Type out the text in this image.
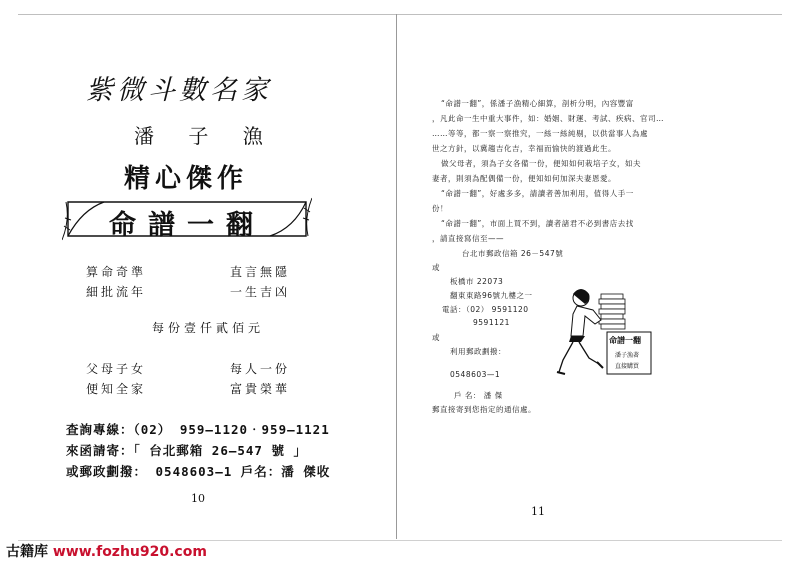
紫微斗數名家
潘 子 漁
精心傑作
命譜一翻
算命奇準	直言無隱
細批流年	一生吉凶
每份壹仟貳佰元
父母子女	每人一份
便知全家	富貴榮華
查詢專線：（02） 959—1120‧959—1121
來函請寄：「 台北郵箱 26—547 號 」
或郵政劃撥： 0548603—1 戶名：潘 傑收
10
“命譜一翻”，係潘子漁精心細算，剖析分明，內容豐富
，凡此命一生中重大事件，如：婚姻、財運、考試、疾病、官司…
……等等，都一察一察推究，一絲一絲純剔，以供當事人為處
世之方針，以冀趨吉化吉，幸福而愉快的渡過此生。
做父母者，須為子女各備一份，便知如何栽培子女，如夫
妻者，則須為配偶備一份，便知如何加深夫妻恩愛。
“命譜一翻”，好處多多，請讀者善加利用，值得人手一
份！
“命譜一翻”，市面上買不到，讀者諸君不必到書店去找
，請直接寫信至——
台北市郵政信箱 26－547號
或
板橋市 22073
翻東東路96號九樓之一
電話：（02） 9591120
9591121
或
利用郵政劃撥：
0548603—1
戶 名： 潘 傑
郵直接寄到您指定的通信處。
命譜一翻
潘子漁著
直接購買
11
古籍库 www.fozhu920.com
